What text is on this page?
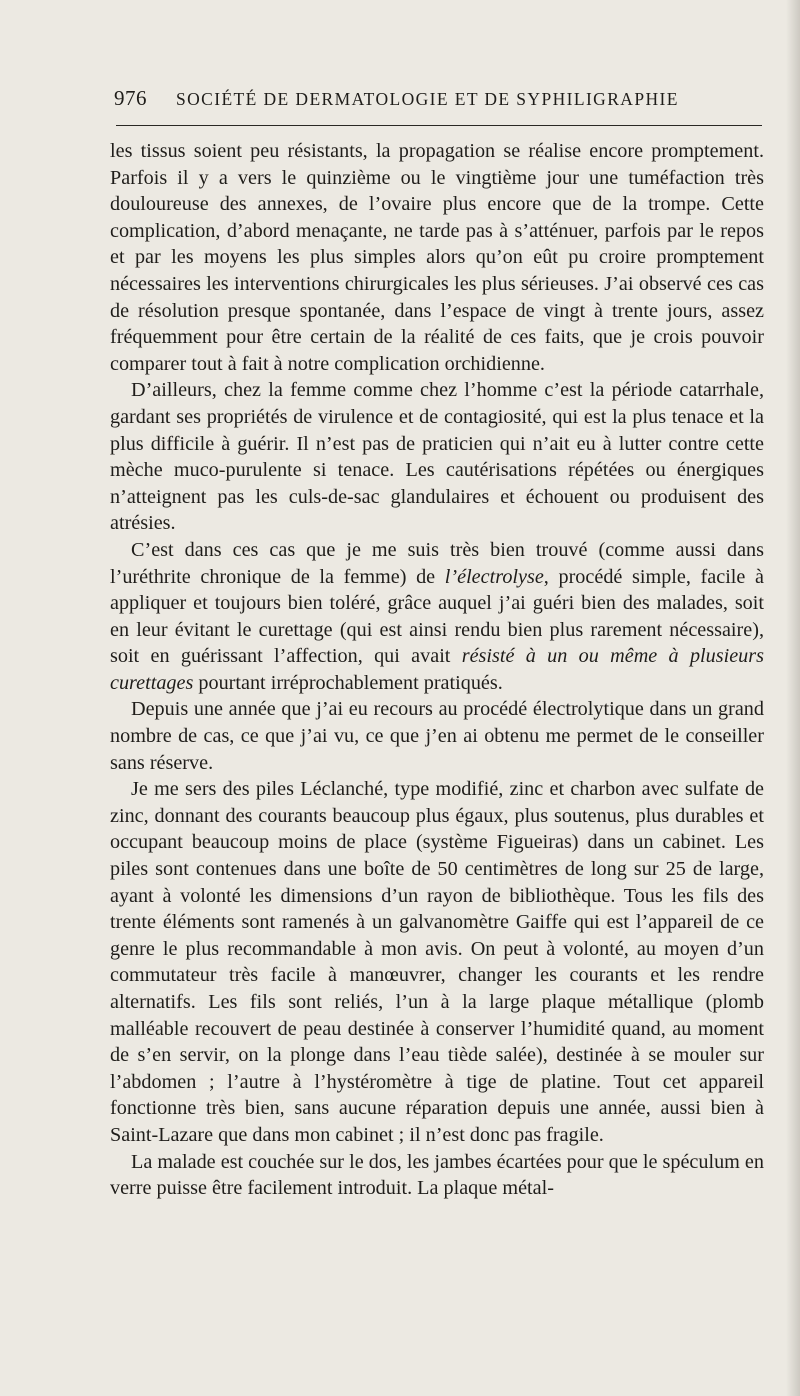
976 SOCIÉTÉ DE DERMATOLOGIE ET DE SYPHILIGRAPHIE

les tissus soient peu résistants, la propagation se réalise encore promptement. Parfois il y a vers le quinzième ou le vingtième jour une tuméfaction très douloureuse des annexes, de l’ovaire plus encore que de la trompe. Cette complication, d’abord menaçante, ne tarde pas à s’atténuer, parfois par le repos et par les moyens les plus simples alors qu’on eût pu croire promptement nécessaires les interventions chirurgicales les plus sérieuses. J’ai observé ces cas de résolution presque spontanée, dans l’espace de vingt à trente jours, assez fréquemment pour être certain de la réalité de ces faits, que je crois pouvoir comparer tout à fait à notre complication orchidienne.

D’ailleurs, chez la femme comme chez l’homme c’est la période catarrhale, gardant ses propriétés de virulence et de contagiosité, qui est la plus tenace et la plus difficile à guérir. Il n’est pas de praticien qui n’ait eu à lutter contre cette mèche muco-purulente si tenace. Les cautérisations répétées ou énergiques n’atteignent pas les culs-de-sac glandulaires et échouent ou produisent des atrésies.

C’est dans ces cas que je me suis très bien trouvé (comme aussi dans l’uréthrite chronique de la femme) de l’électrolyse, procédé simple, facile à appliquer et toujours bien toléré, grâce auquel j’ai guéri bien des malades, soit en leur évitant le curettage (qui est ainsi rendu bien plus rarement nécessaire), soit en guérissant l’affection, qui avait résisté à un ou même à plusieurs curettages pourtant irréprochablement pratiqués.

Depuis une année que j’ai eu recours au procédé électrolytique dans un grand nombre de cas, ce que j’ai vu, ce que j’en ai obtenu me permet de le conseiller sans réserve.

Je me sers des piles Léclanché, type modifié, zinc et charbon avec sulfate de zinc, donnant des courants beaucoup plus égaux, plus soutenus, plus durables et occupant beaucoup moins de place (système Figueiras) dans un cabinet. Les piles sont contenues dans une boîte de 50 centimètres de long sur 25 de large, ayant à volonté les dimensions d’un rayon de bibliothèque. Tous les fils des trente éléments sont ramenés à un galvanomètre Gaiffe qui est l’appareil de ce genre le plus recommandable à mon avis. On peut à volonté, au moyen d’un commutateur très facile à manœuvrer, changer les courants et les rendre alternatifs. Les fils sont reliés, l’un à la large plaque métallique (plomb malléable recouvert de peau destinée à conserver l’humidité quand, au moment de s’en servir, on la plonge dans l’eau tiède salée), destinée à se mouler sur l’abdomen ; l’autre à l’hystéromètre à tige de platine. Tout cet appareil fonctionne très bien, sans aucune réparation depuis une année, aussi bien à Saint-Lazare que dans mon cabinet ; il n’est donc pas fragile.

La malade est couchée sur le dos, les jambes écartées pour que le spéculum en verre puisse être facilement introduit. La plaque métal-
